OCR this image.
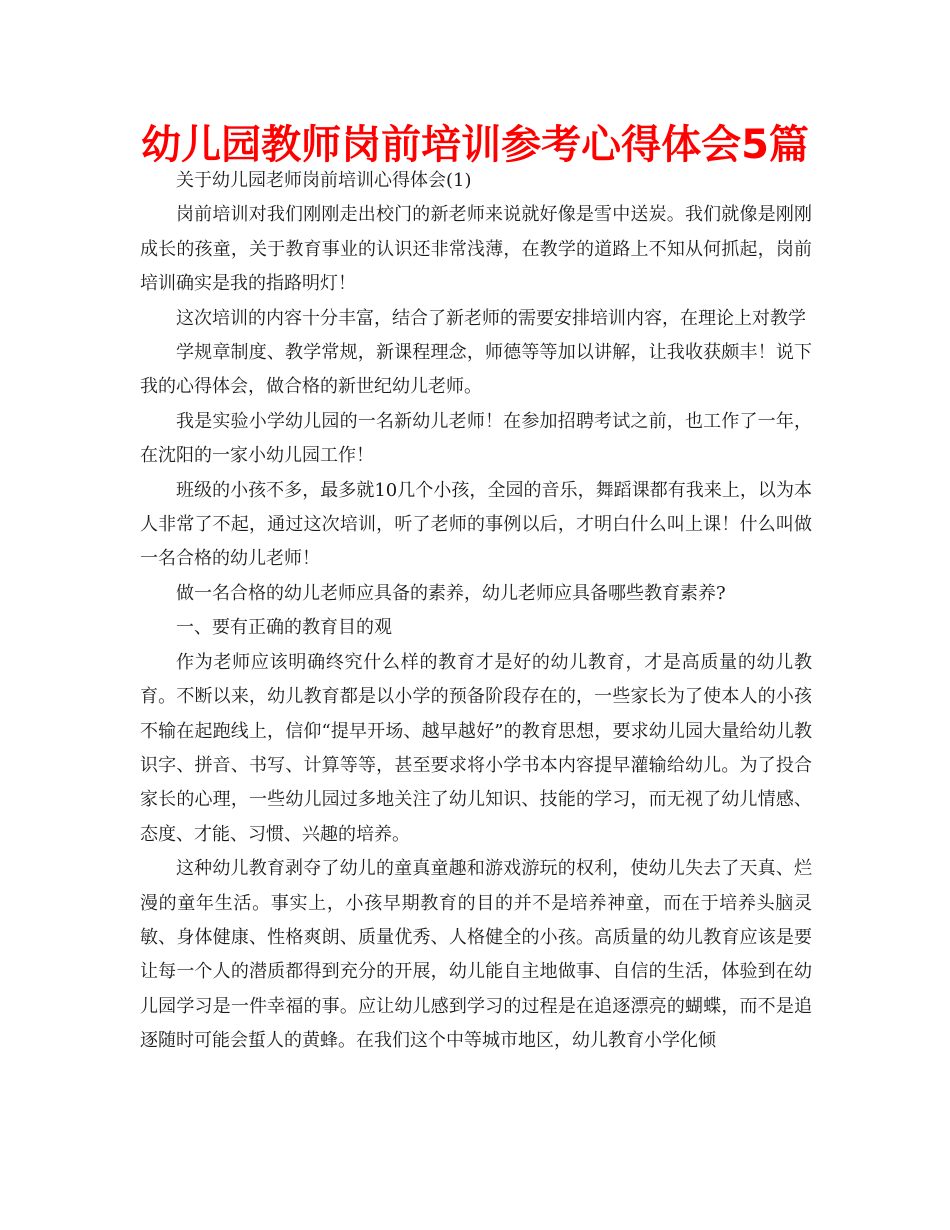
幼儿园教师岗前培训参考心得体会5篇

关于幼儿园老师岗前培训心得体会(1)

岗前培训对我们刚刚走出校门的新老师来说就好像是雪中送炭。我们就像是刚刚成长的孩童，关于教育事业的认识还非常浅薄，在教学的道路上不知从何抓起，岗前培训确实是我的指路明灯！

这次培训的内容十分丰富，结合了新老师的需要安排培训内容，在理论上对教学

学规章制度、教学常规，新课程理念，师德等等加以讲解，让我收获颇丰！说下我的心得体会，做合格的新世纪幼儿老师。

我是实验小学幼儿园的一名新幼儿老师！在参加招聘考试之前，也工作了一年，在沈阳的一家小幼儿园工作！

班级的小孩不多，最多就10几个小孩，全园的音乐，舞蹈课都有我来上，以为本人非常了不起，通过这次培训，听了老师的事例以后，才明白什么叫上课！什么叫做一名合格的幼儿老师！

做一名合格的幼儿老师应具备的素养，幼儿老师应具备哪些教育素养?

一、要有正确的教育目的观

作为老师应该明确终究什么样的教育才是好的幼儿教育，才是高质量的幼儿教育。不断以来，幼儿教育都是以小学的预备阶段存在的，一些家长为了使本人的小孩不输在起跑线上，信仰“提早开场、越早越好”的教育思想，要求幼儿园大量给幼儿教识字、拼音、书写、计算等等，甚至要求将小学书本内容提早灌输给幼儿。为了投合家长的心理，一些幼儿园过多地关注了幼儿知识、技能的学习，而无视了幼儿情感、态度、才能、习惯、兴趣的培养。

这种幼儿教育剥夺了幼儿的童真童趣和游戏游玩的权利，使幼儿失去了天真、烂漫的童年生活。事实上，小孩早期教育的目的并不是培养神童，而在于培养头脑灵敏、身体健康、性格爽朗、质量优秀、人格健全的小孩。高质量的幼儿教育应该是要让每一个人的潜质都得到充分的开展，幼儿能自主地做事、自信的生活，体验到在幼儿园学习是一件幸福的事。应让幼儿感到学习的过程是在追逐漂亮的蝴蝶，而不是追逐随时可能会蜇人的黄蜂。在我们这个中等城市地区，幼儿教育小学化倾
